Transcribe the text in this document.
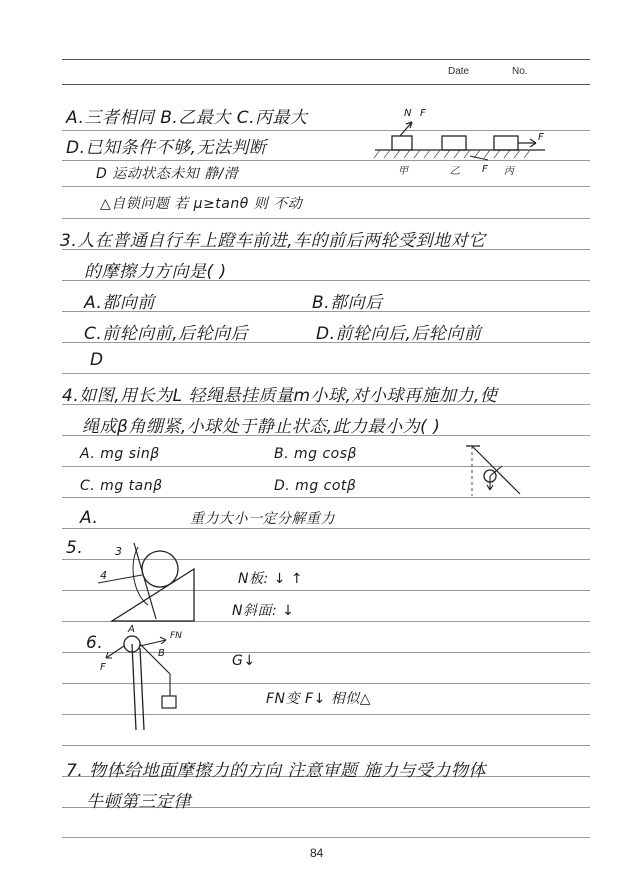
Date	No.
A.三者相同 B.乙最大 C.丙最大
D.已知条件不够,无法判断
D 运动状态未知 静/滑
△自锁问题 若 μ≥tanθ 则 不动
3.人在普通自行车上蹬车前进,车的前后两轮受到地对它
的摩擦力方向是( )
A.都向前	B.都向后
C.前轮向前,后轮向后	D.前轮向后,后轮向前
D
4.如图,用长为L 轻绳悬挂质量m小球,对小球再施加力,使
绳成β角绷紧,小球处于静止状态,此力最小为( )
A. mg sinβ	B. mg cosβ
C. mg tanβ	D. mg cotβ
A.	重力大小一定分解重力
5.
N板: ↓ ↑
N斜面: ↓
6.
G↓
FN变 F↓ 相似△
7. 物体给地面摩擦力的方向 注意审题 施力与受力物体
牛顿第三定律
N F
F
F
甲	乙	丙
3
4
A
F
FN
B
84
